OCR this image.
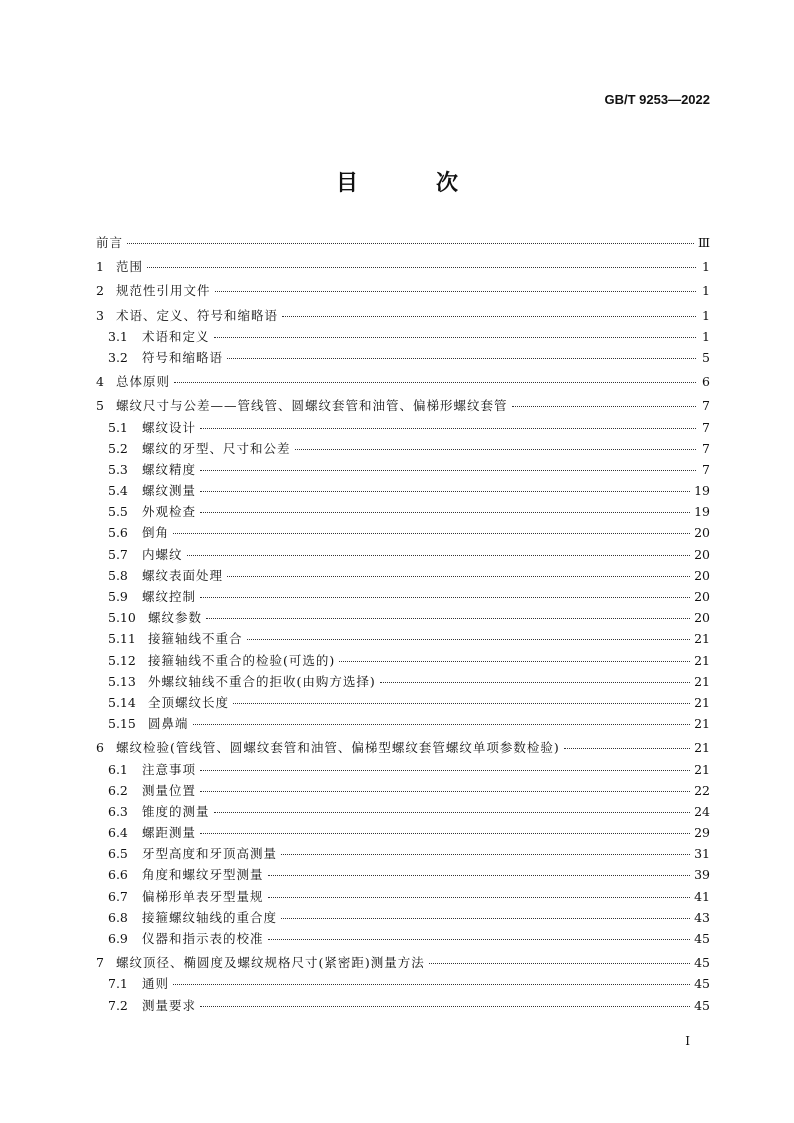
GB/T 9253—2022
目　次
前言	Ⅲ
1 范围	1
2 规范性引用文件	1
3 术语、定义、符号和缩略语	1
3.1	术语和定义	1
3.2	符号和缩略语	5
4 总体原则	6
5 螺纹尺寸与公差——管线管、圆螺纹套管和油管、偏梯形螺纹套管	7
5.1	螺纹设计	7
5.2	螺纹的牙型、尺寸和公差	7
5.3	螺纹精度	7
5.4	螺纹测量	19
5.5	外观检查	19
5.6	倒角	20
5.7	内螺纹	20
5.8	螺纹表面处理	20
5.9	螺纹控制	20
5.10 螺纹参数	20
5.11 接箍轴线不重合	21
5.12 接箍轴线不重合的检验(可选的)	21
5.13 外螺纹轴线不重合的拒收(由购方选择)	21
5.14 全顶螺纹长度	21
5.15 圆鼻端	21
6 螺纹检验(管线管、圆螺纹套管和油管、偏梯型螺纹套管螺纹单项参数检验)	21
6.1	注意事项	21
6.2	测量位置	22
6.3	锥度的测量	24
6.4	螺距测量	29
6.5	牙型高度和牙顶高测量	31
6.6	角度和螺纹牙型测量	39
6.7	偏梯形单表牙型量规	41
6.8	接箍螺纹轴线的重合度	43
6.9	仪器和指示表的校准	45
7 螺纹顶径、椭圆度及螺纹规格尺寸(紧密距)测量方法	45
7.1	通则	45
7.2	测量要求	45
I
